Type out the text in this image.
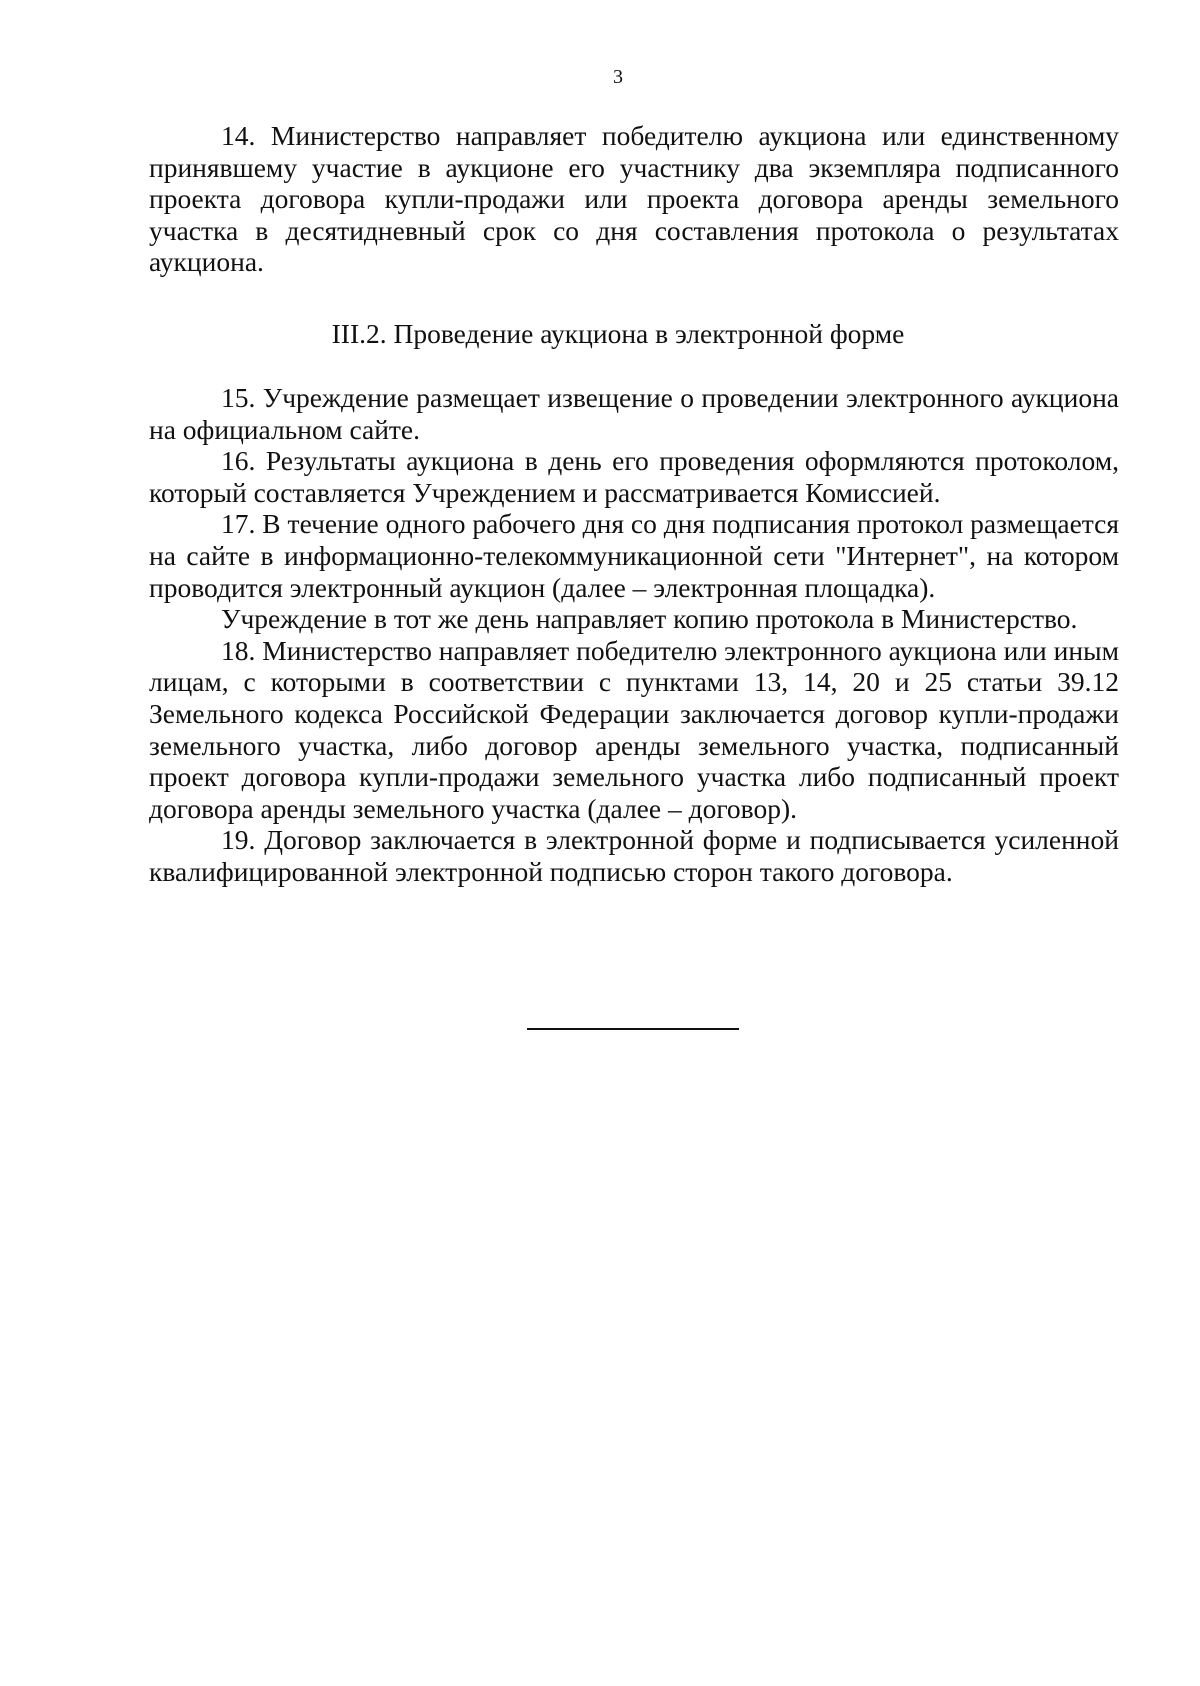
3

14. Министерство направляет победителю аукциона или единственному принявшему участие в аукционе его участнику два экземпляра подписанного проекта договора купли-продажи или проекта договора аренды земельного участка в десятидневный срок со дня составления протокола о результатах аукциона.

III.2. Проведение аукциона в электронной форме

15. Учреждение размещает извещение о проведении электронного аукциона на официальном сайте.

16. Результаты аукциона в день его проведения оформляются протоколом, который составляется Учреждением и рассматривается Комиссией.

17. В течение одного рабочего дня со дня подписания протокол размещается на сайте в информационно-телекоммуникационной сети "Интернет", на котором проводится электронный аукцион (далее – электронная площадка).

Учреждение в тот же день направляет копию протокола в Министерство.

18. Министерство направляет победителю электронного аукциона или иным лицам, с которыми в соответствии с пунктами 13, 14, 20 и 25 статьи 39.12 Земельного кодекса Российской Федерации заключается договор купли-продажи земельного участка, либо договор аренды земельного участка, подписанный проект договора купли-продажи земельного участка либо подписанный проект договора аренды земельного участка (далее – договор).

19. Договор заключается в электронной форме и подписывается усиленной квалифицированной электронной подписью сторон такого договора.
